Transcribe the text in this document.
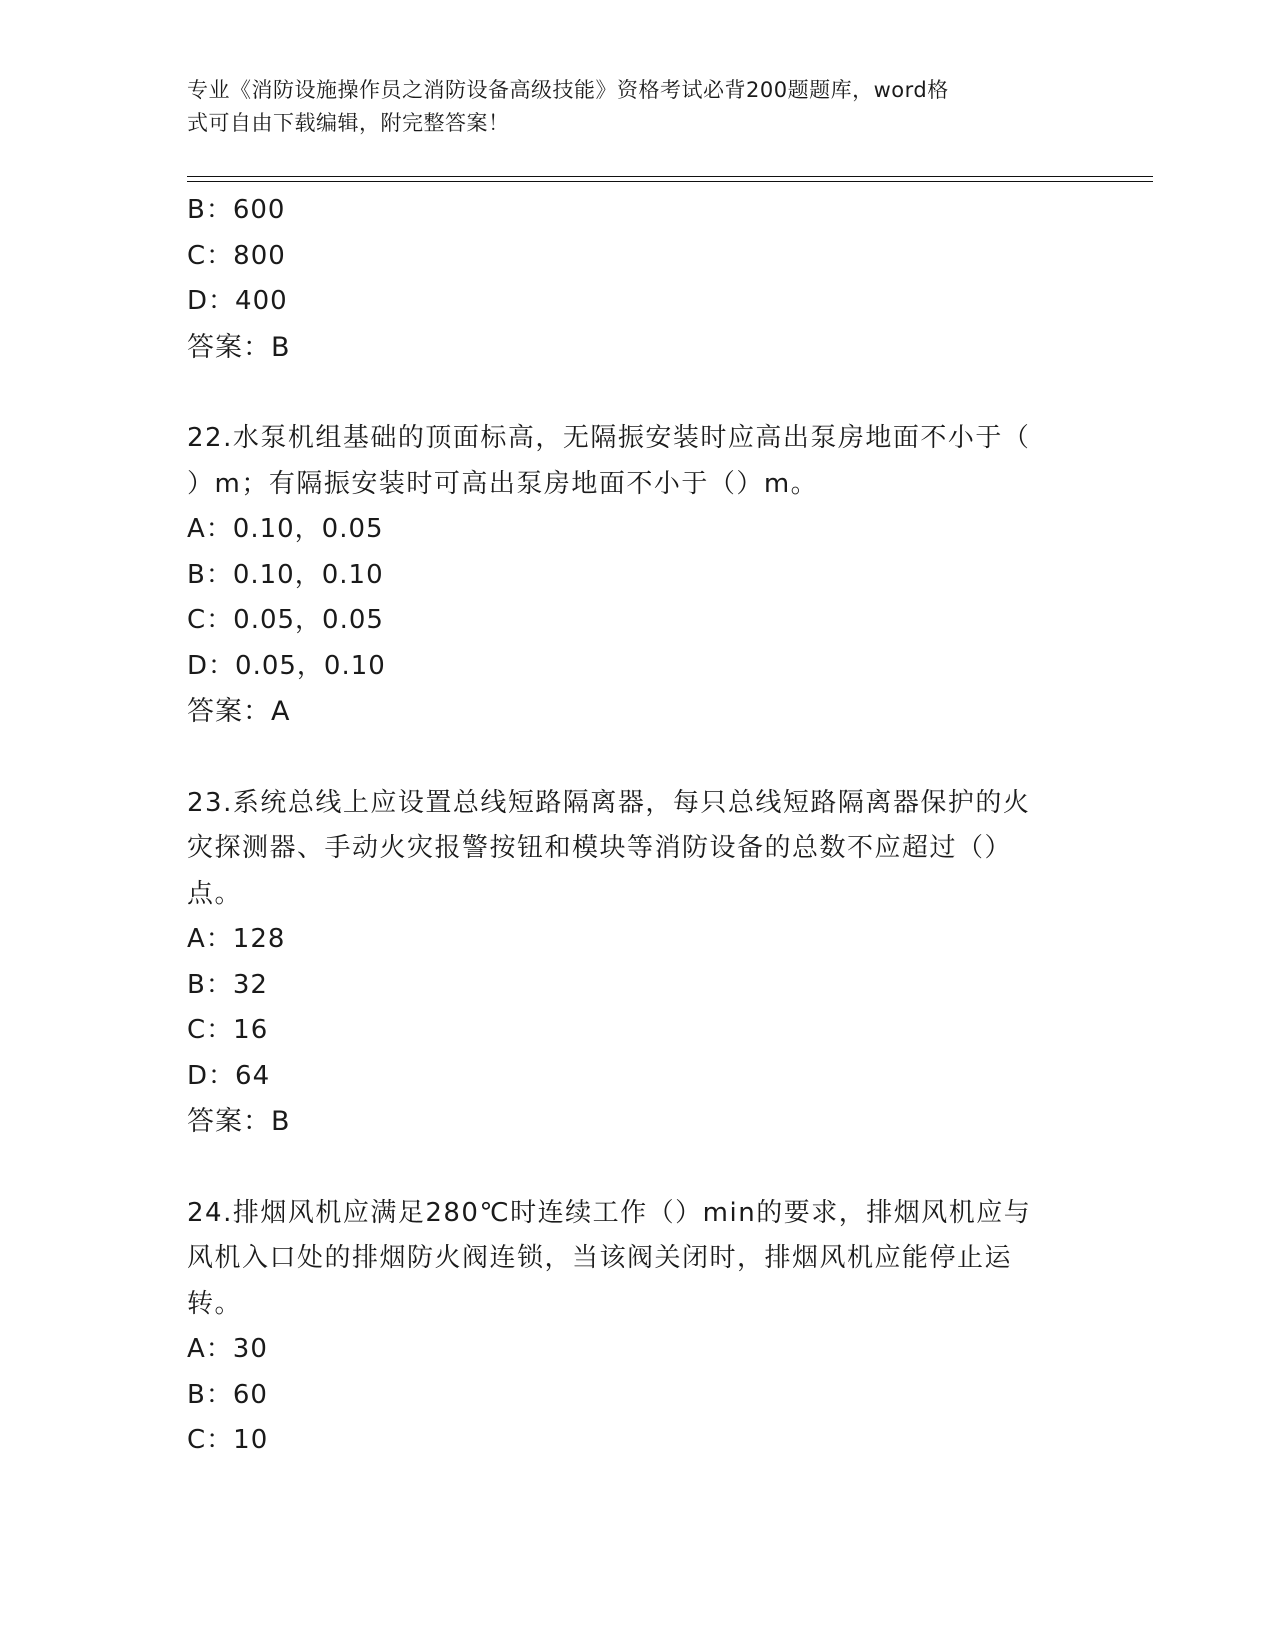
专业《消防设施操作员之消防设备高级技能》资格考试必背200题题库，word格
式可自由下载编辑，附完整答案！
B：600
C：800
D：400
答案：B
22.水泵机组基础的顶面标高，无隔振安装时应高出泵房地面不小于（
）m；有隔振安装时可高出泵房地面不小于（）m。
A：0.10，0.05
B：0.10，0.10
C：0.05，0.05
D：0.05，0.10
答案：A
23.系统总线上应设置总线短路隔离器，每只总线短路隔离器保护的火
灾探测器、手动火灾报警按钮和模块等消防设备的总数不应超过（）
点。
A：128
B：32
C：16
D：64
答案：B
24.排烟风机应满足280℃时连续工作（）min的要求，排烟风机应与
风机入口处的排烟防火阀连锁，当该阀关闭时，排烟风机应能停止运
转。
A：30
B：60
C：10
